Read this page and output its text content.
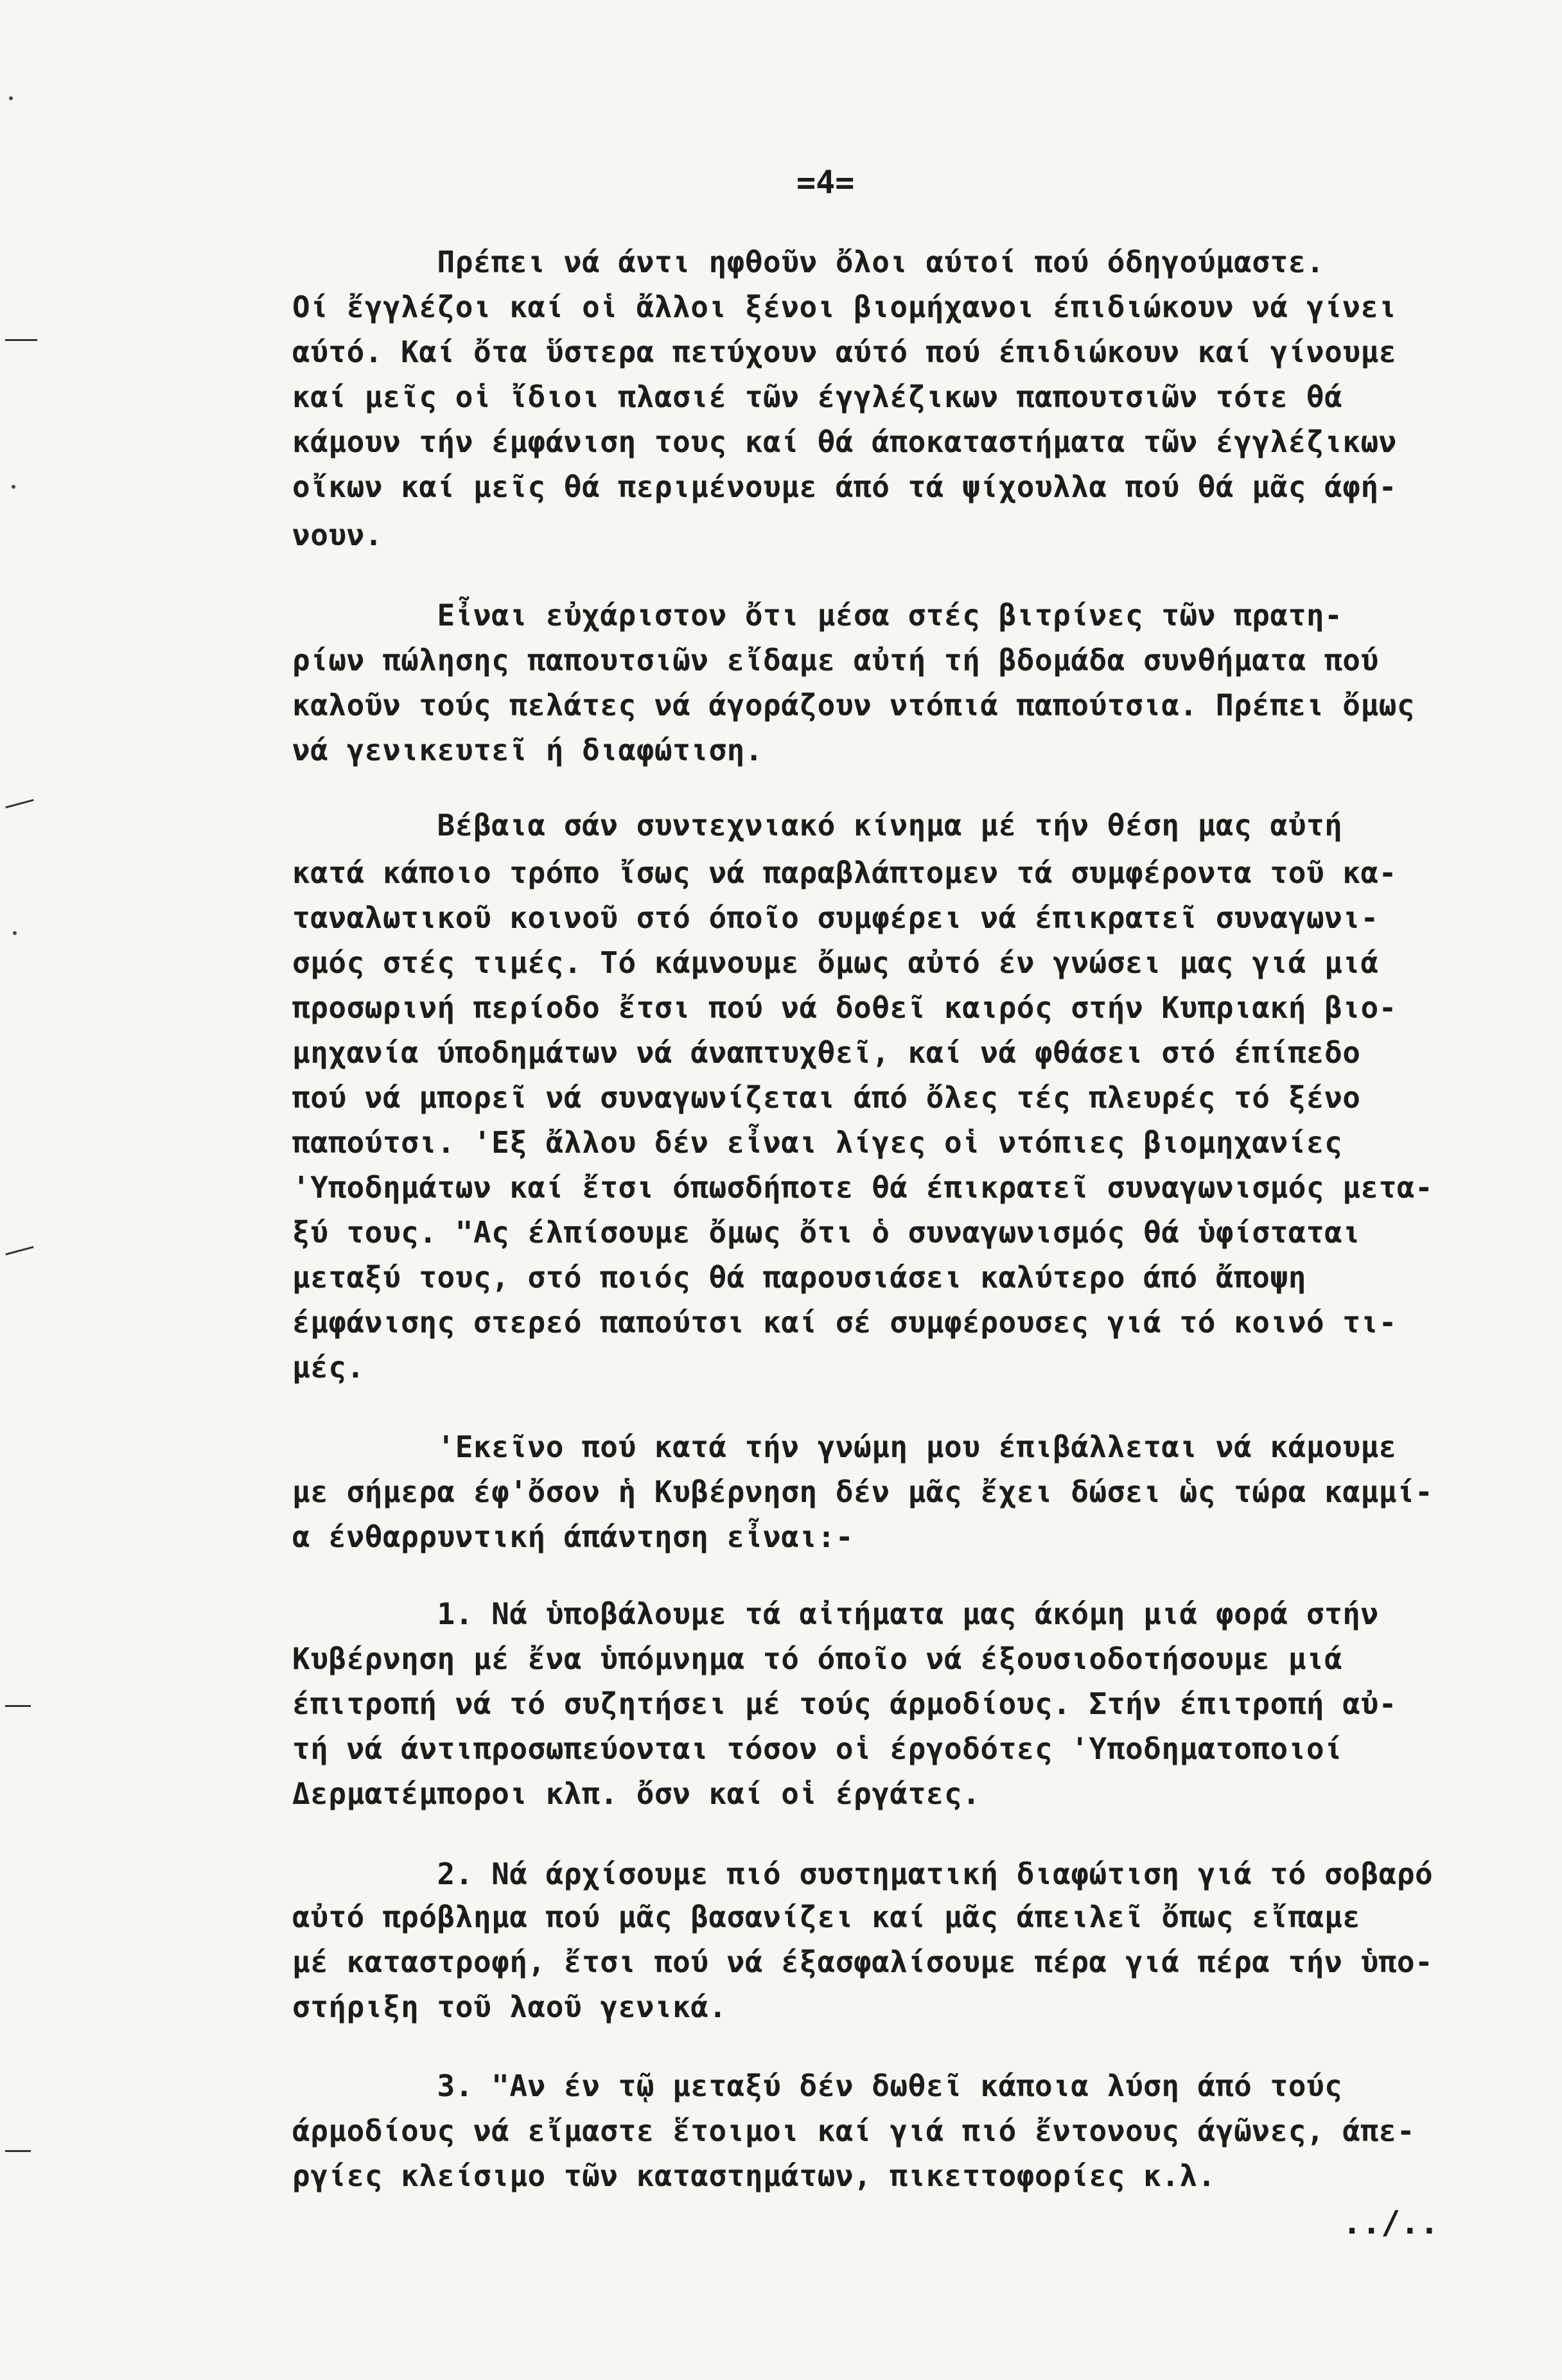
=4=
Πρέπει νά άντι ηφθοῦν ὄλοι αύτοί πού όδηγούμαστε.
Οί ἔγγλέζοι καί οἱ ἄλλοι ξένοι βιομήχανοι έπιδιώκουν νά γίνει
αύτό. Καί ὄτα ὕστερα πετύχουν αύτό πού έπιδιώκουν καί γίνουμε
καί μεῖς οἱ ἴδιοι πλασιέ τῶν έγγλέζικων παπουτσιῶν τότε θά
κάμουν τήν έμφάνιση τους καί θά άποκαταστήματα τῶν έγγλέζικων
οἴκων καί μεῖς θά περιμένουμε άπό τά ψίχουλλα πού θά μᾶς άφή-
νουν.
Εἶναι εὐχάριστον ὄτι μέσα στές βιτρίνες τῶν πρατη-
ρίων πώλησης παπουτσιῶν εἴδαμε αὐτή τή βδομάδα συνθήματα πού
καλοῦν τούς πελάτες νά άγοράζουν ντόπιά παπούτσια. Πρέπει ὄμως
νά γενικευτεῖ ή διαφώτιση.
Βέβαια σάν συντεχνιακό κίνημα μέ τήν θέση μας αὐτή
κατά κάποιο τρόπο ἴσως νά παραβλάπτομεν τά συμφέροντα τοῦ κα-
ταναλωτικοῦ κοινοῦ στό όποῖο συμφέρει νά έπικρατεῖ συναγωνι-
σμός στές τιμές. Τό κάμνουμε ὄμως αὐτό έν γνώσει μας γιά μιά
προσωρινή περίοδο ἔτσι πού νά δοθεῖ καιρός στήν Κυπριακή βιο-
μηχανία ύποδημάτων νά άναπτυχθεῖ, καί νά φθάσει στό έπίπεδο
πού νά μπορεῖ νά συναγωνίζεται άπό ὄλες τές πλευρές τό ξένο
παπούτσι. 'Εξ ἄλλου δέν εἶναι λίγες οἱ ντόπιες βιομηχανίες
'Υποδημάτων καί ἔτσι όπωσδήποτε θά έπικρατεῖ συναγωνισμός μετα-
ξύ τους. "Ας έλπίσουμε ὄμως ὄτι ὁ συναγωνισμός θά ὑφίσταται
μεταξύ τους, στό ποιός θά παρουσιάσει καλύτερο άπό ἄποψη
έμφάνισης στερεό παπούτσι καί σέ συμφέρουσες γιά τό κοινό τι-
μές.
'Εκεῖνο πού κατά τήν γνώμη μου έπιβάλλεται νά κάμουμε
με σήμερα έφ'ὄσον ἡ Κυβέρνηση δέν μᾶς ἔχει δώσει ὡς τώρα καμμί-
α ένθαρρυντική άπάντηση εἶναι:-
1. Νά ὑποβάλουμε τά αἰτήματα μας άκόμη μιά φορά στήν
Κυβέρνηση μέ ἔνα ὑπόμνημα τό όποῖο νά έξουσιοδοτήσουμε μιά
έπιτροπή νά τό συζητήσει μέ τούς άρμοδίους. Στήν έπιτροπή αὐ-
τή νά άντιπροσωπεύονται τόσον οἱ έργοδότες 'Υποδηματοποιοί
Δερματέμποροι κλπ. ὄσν καί οἱ έργάτες.
2. Νά άρχίσουμε πιό συστηματική διαφώτιση γιά τό σοβαρό
αὐτό πρόβλημα πού μᾶς βασανίζει καί μᾶς άπειλεῖ ὄπως εἴπαμε
μέ καταστροφή, ἔτσι πού νά έξασφαλίσουμε πέρα γιά πέρα τήν ὑπο-
στήριξη τοῦ λαοῦ γενικά.
3. "Αν έν τῷ μεταξύ δέν δωθεῖ κάποια λύση άπό τούς
άρμοδίους νά εἴμαστε ἕτοιμοι καί γιά πιό ἔντονους άγῶνες, άπε-
ργίες κλείσιμο τῶν καταστημάτων, πικεττοφορίες κ.λ.
../..
